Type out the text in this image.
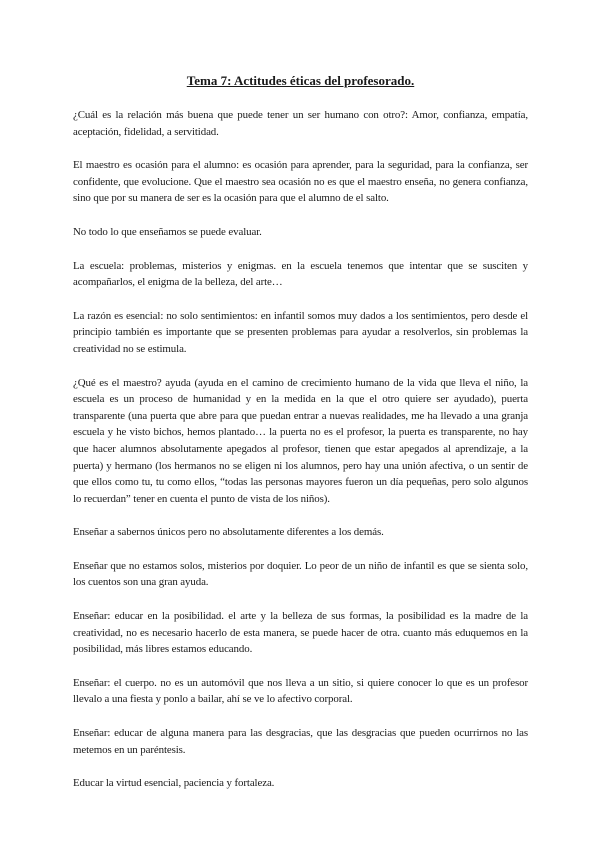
Tema 7: Actitudes éticas del profesorado.

¿Cuál es la relación más buena que puede tener un ser humano con otro?: Amor, confianza, empatía, aceptación, fidelidad, a servitidad.

El maestro es ocasión para el alumno: es ocasión para aprender, para la seguridad, para la confianza, ser confidente, que evolucione. Que el maestro sea ocasión no es que el maestro enseña, no genera confianza, sino que por su manera de ser es la ocasión para que el alumno de el salto.

No todo lo que enseñamos se puede evaluar.

La escuela: problemas, misterios y enigmas. en la escuela tenemos que intentar que se susciten y acompañarlos, el enigma de la belleza, del arte…

La razón es esencial: no solo sentimientos: en infantil somos muy dados a los sentimientos, pero desde el principio también es importante que se presenten problemas para ayudar a resolverlos, sin problemas la creatividad no se estimula.

¿Qué es el maestro? ayuda (ayuda en el camino de crecimiento humano de la vida que lleva el niño, la escuela es un proceso de humanidad y en la medida en la que el otro quiere ser ayudado), puerta transparente (una puerta que abre para que puedan entrar a nuevas realidades, me ha llevado a una granja escuela y he visto bichos, hemos plantado… la puerta no es el profesor, la puerta es transparente, no hay que hacer alumnos absolutamente apegados al profesor, tienen que estar apegados al aprendizaje, a la puerta) y hermano (los hermanos no se eligen ni los alumnos, pero hay una unión afectiva, o un sentir de que ellos como tu, tu como ellos, “todas las personas mayores fueron un día pequeñas, pero solo algunos lo recuerdan” tener en cuenta el punto de vista de los niños).

Enseñar a sabernos únicos pero no absolutamente diferentes a los demás.

Enseñar que no estamos solos, misterios por doquier. Lo peor de un niño de infantil es que se sienta solo, los cuentos son una gran ayuda.

Enseñar: educar en la posibilidad. el arte y la belleza de sus formas, la posibilidad es la madre de la creatividad, no es necesario hacerlo de esta manera, se puede hacer de otra. cuanto más eduquemos en la posibilidad, más libres estamos educando.

Enseñar: el cuerpo. no es un automóvil que nos lleva a un sitio, si quiere conocer lo que es un profesor llevalo a una fiesta y ponlo a bailar, ahí se ve lo afectivo corporal.

Enseñar: educar de alguna manera para las desgracias, que las desgracias que pueden ocurrirnos no las metemos en un paréntesis.

Educar la virtud esencial, paciencia y fortaleza.
